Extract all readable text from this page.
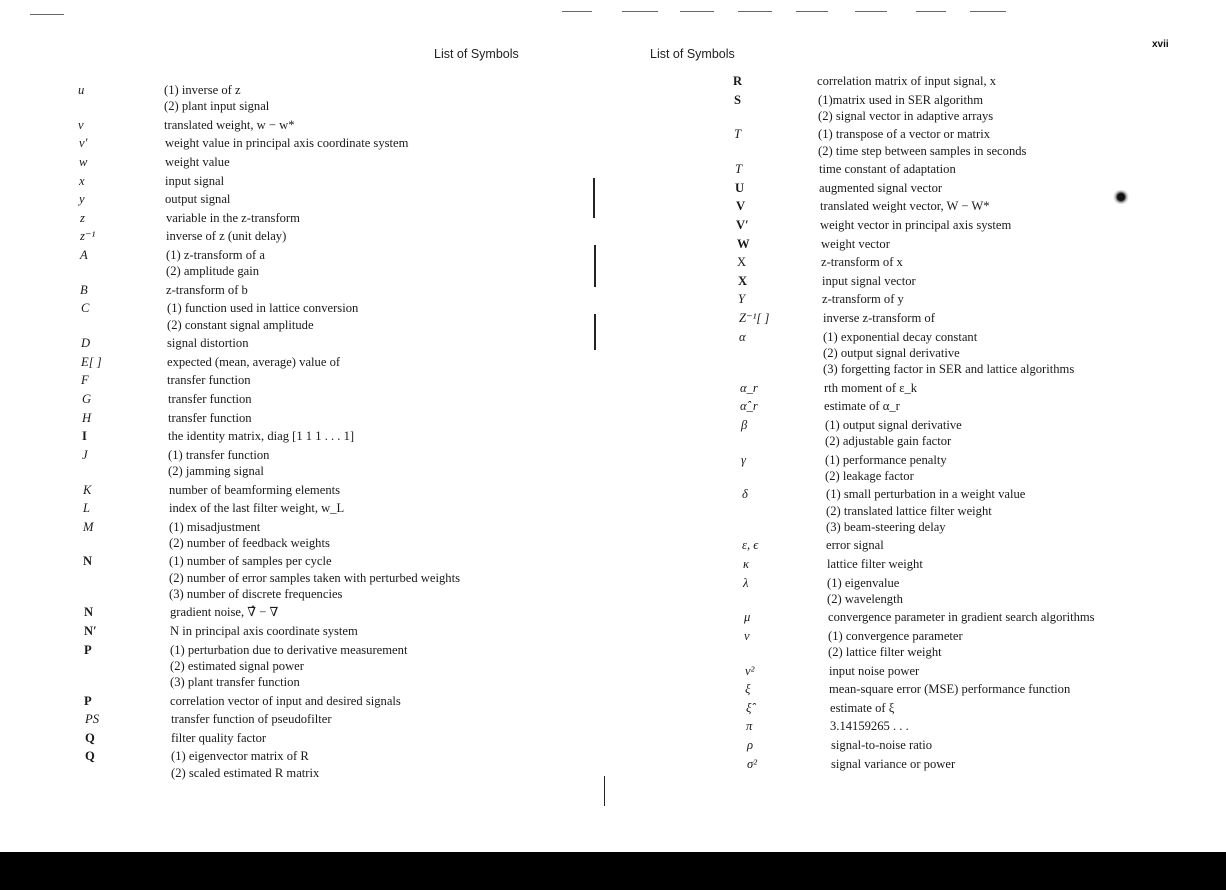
List of Symbols	List of Symbols
xvii
u	(1) inverse of z
(2) plant input signal
v	translated weight, w − w*
v′	weight value in principal axis coordinate system
w	weight value
x	input signal
y	output signal
z	variable in the z-transform
z⁻¹	inverse of z (unit delay)
A	(1) z-transform of a
(2) amplitude gain
B	z-transform of b
C	(1) function used in lattice conversion
(2) constant signal amplitude
D	signal distortion
E[ ]	expected (mean, average) value of
F	transfer function
G	transfer function
H	transfer function
I	the identity matrix, diag [1 1 1 . . . 1]
J	(1) transfer function
(2) jamming signal
K	number of beamforming elements
L	index of the last filter weight, w_L
M	(1) misadjustment
(2) number of feedback weights
N	(1) number of samples per cycle
(2) number of error samples taken with perturbed weights
(3) number of discrete frequencies
N	gradient noise, ∇̂ − ∇
N′	N in principal axis coordinate system
P	(1) perturbation due to derivative measurement
(2) estimated signal power
(3) plant transfer function
P	correlation vector of input and desired signals
PS	transfer function of pseudofilter
Q	filter quality factor
Q	(1) eigenvector matrix of R
(2) scaled estimated R matrix
R	correlation matrix of input signal, x
S	(1)matrix used in SER algorithm
(2) signal vector in adaptive arrays
T	(1) transpose of a vector or matrix
(2) time step between samples in seconds
T	time constant of adaptation
U	augmented signal vector
V	translated weight vector, W − W*
V′	weight vector in principal axis system
W	weight vector
X	z-transform of x
X	input signal vector
Y	z-transform of y
Z⁻¹[ ]	inverse z-transform of
α	(1) exponential decay constant
(2) output signal derivative
(3) forgetting factor in SER and lattice algorithms
α_r	rth moment of ε_k
α̂_r	estimate of α_r
β	(1) output signal derivative
(2) adjustable gain factor
γ	(1) performance penalty
(2) leakage factor
δ	(1) small perturbation in a weight value
(2) translated lattice filter weight
(3) beam-steering delay
ε, ϵ	error signal
κ	lattice filter weight
λ	(1) eigenvalue
(2) wavelength
μ	convergence parameter in gradient search algorithms
ν	(1) convergence parameter
(2) lattice filter weight
ν²	input noise power
ξ	mean-square error (MSE) performance function
ξ̂	estimate of ξ
π	3.14159265 . . .
ρ	signal-to-noise ratio
σ²	signal variance or power
